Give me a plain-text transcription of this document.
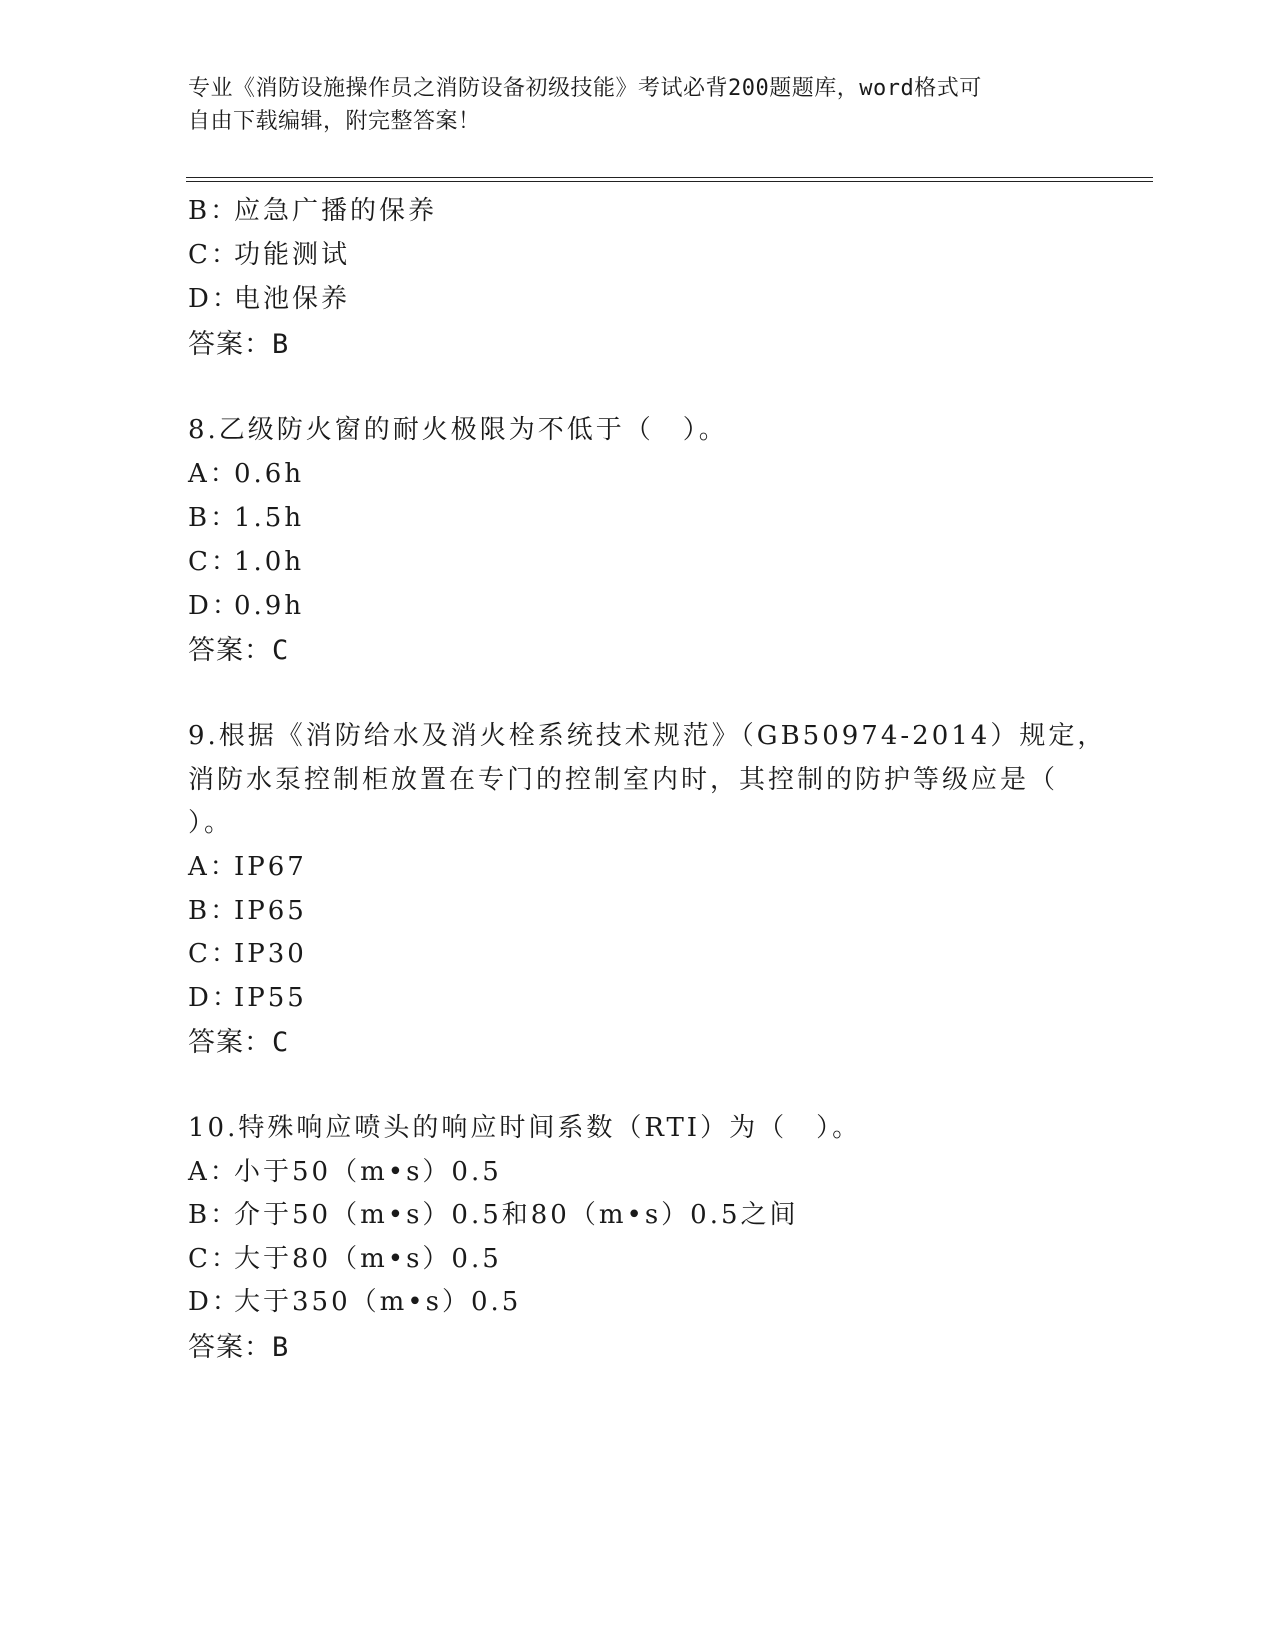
专业《消防设施操作员之消防设备初级技能》考试必背200题题库，word格式可
自由下载编辑，附完整答案！
B：应急广播的保养
C：功能测试
D：电池保养
答案：B
8.乙级防火窗的耐火极限为不低于（　）。
A：0.6h
B：1.5h
C：1.0h
D：0.9h
答案：C
9.根据《消防给水及消火栓系统技术规范》（GB50974-2014）规定，
消防水泵控制柜放置在专门的控制室内时，其控制的防护等级应是（
）。
A：IP67
B：IP65
C：IP30
D：IP55
答案：C
10.特殊响应喷头的响应时间系数（RTI）为（　）。
A：小于50（m•s）0.5
B：介于50（m•s）0.5和80（m•s）0.5之间
C：大于80（m•s）0.5
D：大于350（m•s）0.5
答案：B
